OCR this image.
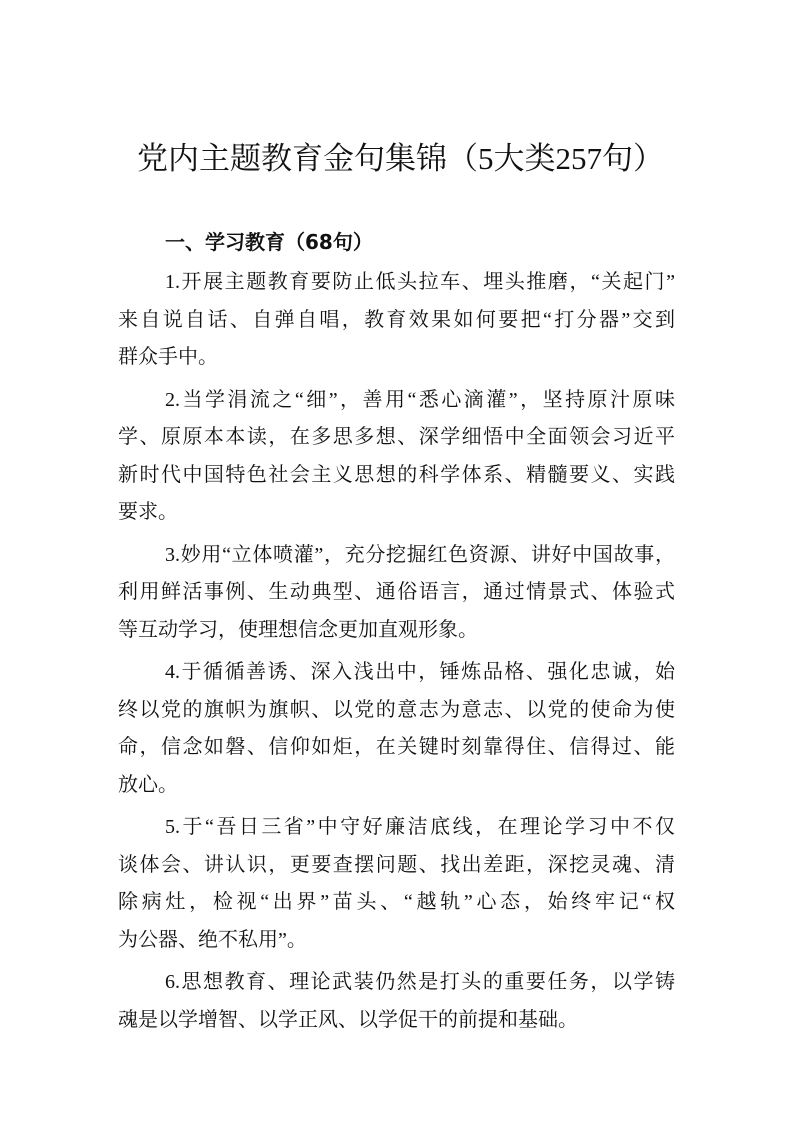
党内主题教育金句集锦（5大类257句）
一、学习教育（68句）
1.开展主题教育要防止低头拉车、埋头推磨，“关起门”
来自说自话、自弹自唱，教育效果如何要把“打分器”交到
群众手中。
2.当学涓流之“细”，善用“悉心滴灌”，坚持原汁原味
学、原原本本读，在多思多想、深学细悟中全面领会习近平
新时代中国特色社会主义思想的科学体系、精髓要义、实践
要求。
3.妙用“立体喷灌”，充分挖掘红色资源、讲好中国故事，
利用鲜活事例、生动典型、通俗语言，通过情景式、体验式
等互动学习，使理想信念更加直观形象。
4.于循循善诱、深入浅出中，锤炼品格、强化忠诚，始
终以党的旗帜为旗帜、以党的意志为意志、以党的使命为使
命，信念如磐、信仰如炬，在关键时刻靠得住、信得过、能
放心。
5.于“吾日三省”中守好廉洁底线，在理论学习中不仅
谈体会、讲认识，更要查摆问题、找出差距，深挖灵魂、清
除病灶，检视“出界”苗头、“越轨”心态，始终牢记“权
为公器、绝不私用”。
6.思想教育、理论武装仍然是打头的重要任务，以学铸
魂是以学增智、以学正风、以学促干的前提和基础。
